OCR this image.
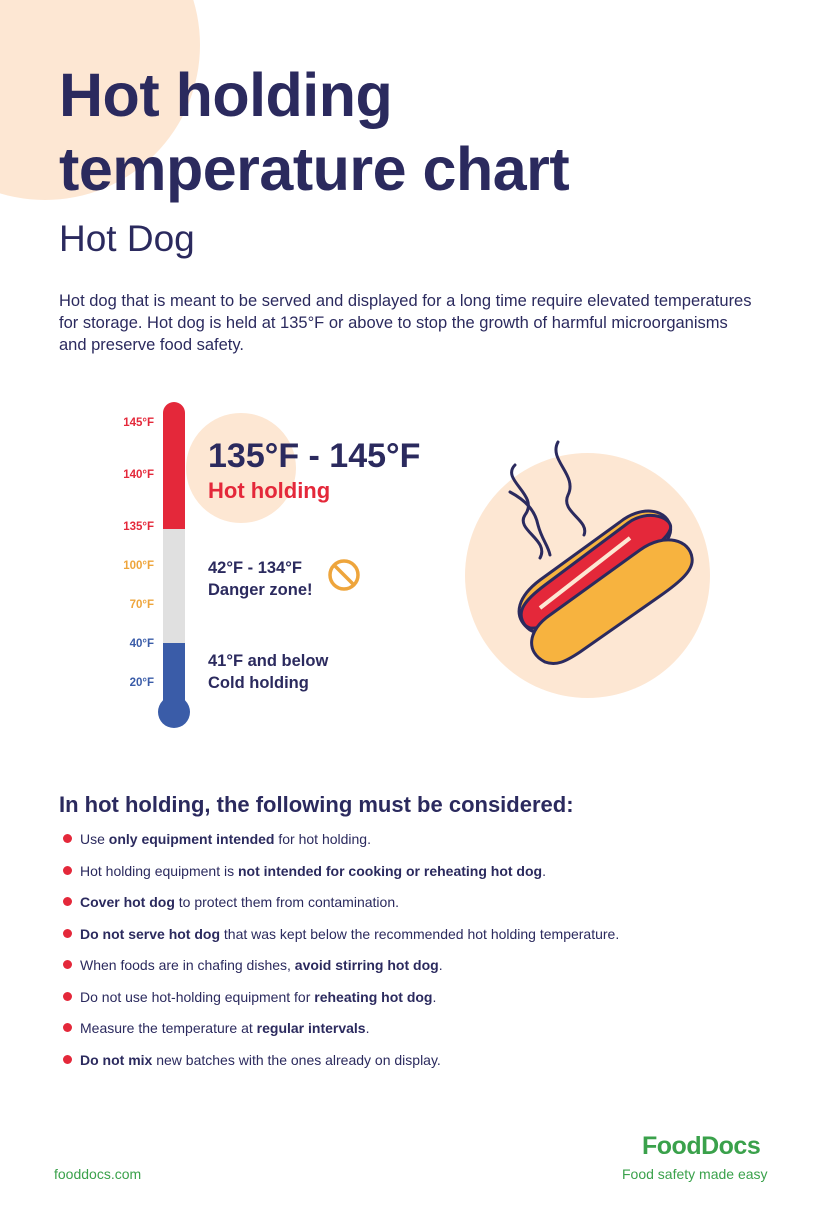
Hot holding
temperature chart
Hot Dog

Hot dog that is meant to be served and displayed for a long time require elevated temperatures for storage. Hot dog is held at 135°F or above to stop the growth of harmful microorganisms and preserve food safety.

145°F
140°F
135°F
100°F
70°F
40°F
20°F
135°F - 145°F
Hot holding
42°F - 134°F
Danger zone!
41°F and below
Cold holding
In hot holding, the following must be considered:
Use only equipment intended for hot holding.
Hot holding equipment is not intended for cooking or reheating hot dog.
Cover hot dog to protect them from contamination.
Do not serve hot dog that was kept below the recommended hot holding temperature.
When foods are in chafing dishes, avoid stirring hot dog.
Do not use hot-holding equipment for reheating hot dog.
Measure the temperature at regular intervals.
Do not mix new batches with the ones already on display.
fooddocs.com
FoodDocs
Food safety made easy
